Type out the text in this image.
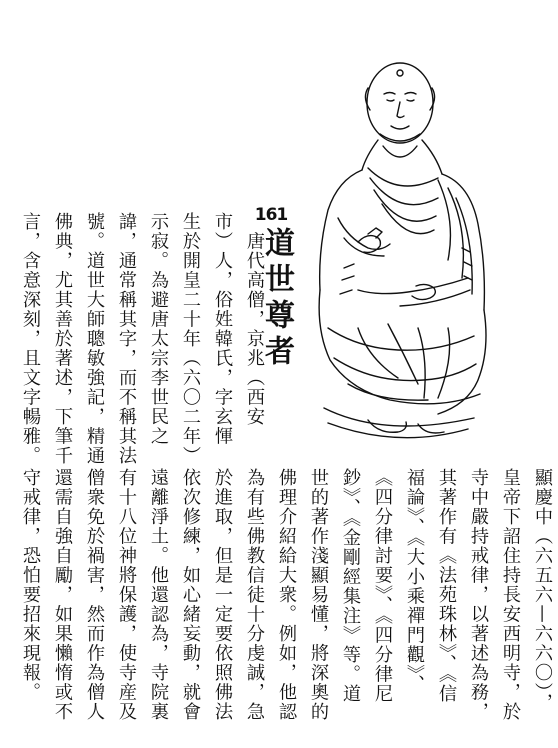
161
道世尊者
　唐代高僧，京兆（西安
市）人，俗姓韓氏，字玄惲
生於開皇二十年（六〇二年）
示寂。為避唐太宗李世民之
諱，通常稱其字，而不稱其法
號。道世大師聰敏強記，精通
佛典，尤其善於著述，下筆千
言，含意深刻，且文字暢雅。
顯慶中（六五六—六六〇），
皇帝下詔住持長安西明寺，於
寺中嚴持戒律，以著述為務，
其著作有《法苑珠林》、《信
福論》、《大小乘禪門觀》、
《四分律討要》、《四分律尼
鈔》、《金剛經集注》等。道
世的著作淺顯易懂，將深奧的
佛理介紹給大衆。例如，他認
為有些佛教信徒十分虔誠，急
於進取，但是一定要依照佛法
依次修練，如心緒妄動，就會
遠離淨土。他還認為，寺院裏
有十八位神將保護，使寺産及
僧衆免於禍害，然而作為僧人
還需自強自勵，如果懶惰或不
守戒律，恐怕要招來現報。
